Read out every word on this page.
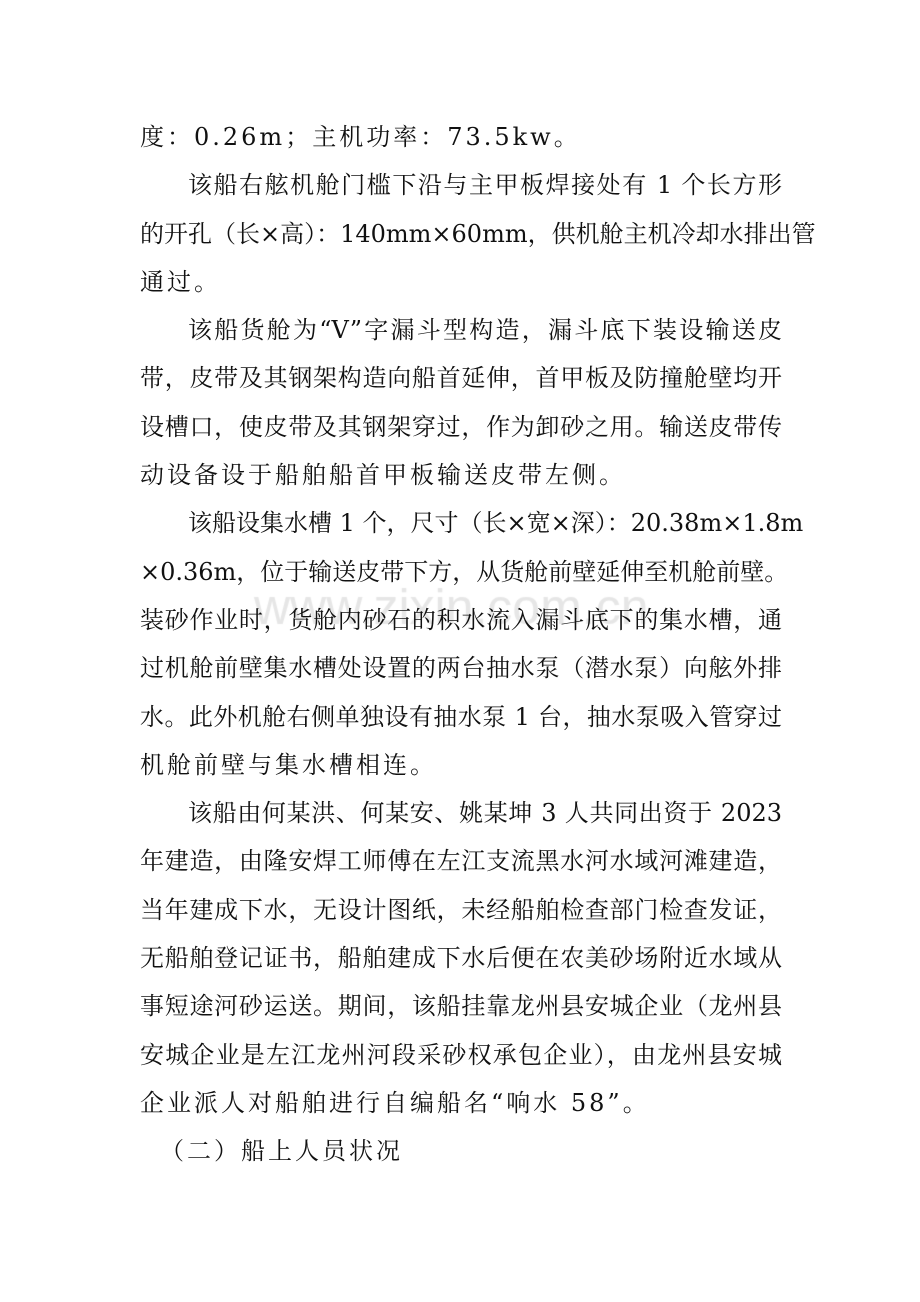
度：0.26m；主机功率：73.5kw。
该船右舷机舱门槛下沿与主甲板焊接处有 1 个长方形
的开孔（长×高）：140mm×60mm，供机舱主机冷却水排出管
通过。
该船货舱为“V”字漏斗型构造，漏斗底下装设输送皮
带，皮带及其钢架构造向船首延伸，首甲板及防撞舱壁均开
设槽口，使皮带及其钢架穿过，作为卸砂之用。输送皮带传
动设备设于船舶船首甲板输送皮带左侧。
该船设集水槽 1 个，尺寸（长×宽×深）：20.38m×1.8m
×0.36m，位于输送皮带下方，从货舱前壁延伸至机舱前壁。
装砂作业时，货舱内砂石的积水流入漏斗底下的集水槽，通
过机舱前壁集水槽处设置的两台抽水泵（潜水泵）向舷外排
水。此外机舱右侧单独设有抽水泵 1 台，抽水泵吸入管穿过
机舱前壁与集水槽相连。
该船由何某洪、何某安、姚某坤 3 人共同出资于 2023
年建造，由隆安焊工师傅在左江支流黑水河水域河滩建造，
当年建成下水，无设计图纸，未经船舶检查部门检查发证，
无船舶登记证书，船舶建成下水后便在农美砂场附近水域从
事短途河砂运送。期间，该船挂靠龙州县安城企业（龙州县
安城企业是左江龙州河段采砂权承包企业），由龙州县安城
企业派人对船舶进行自编船名“响水 58”。
（二）船上人员状况
